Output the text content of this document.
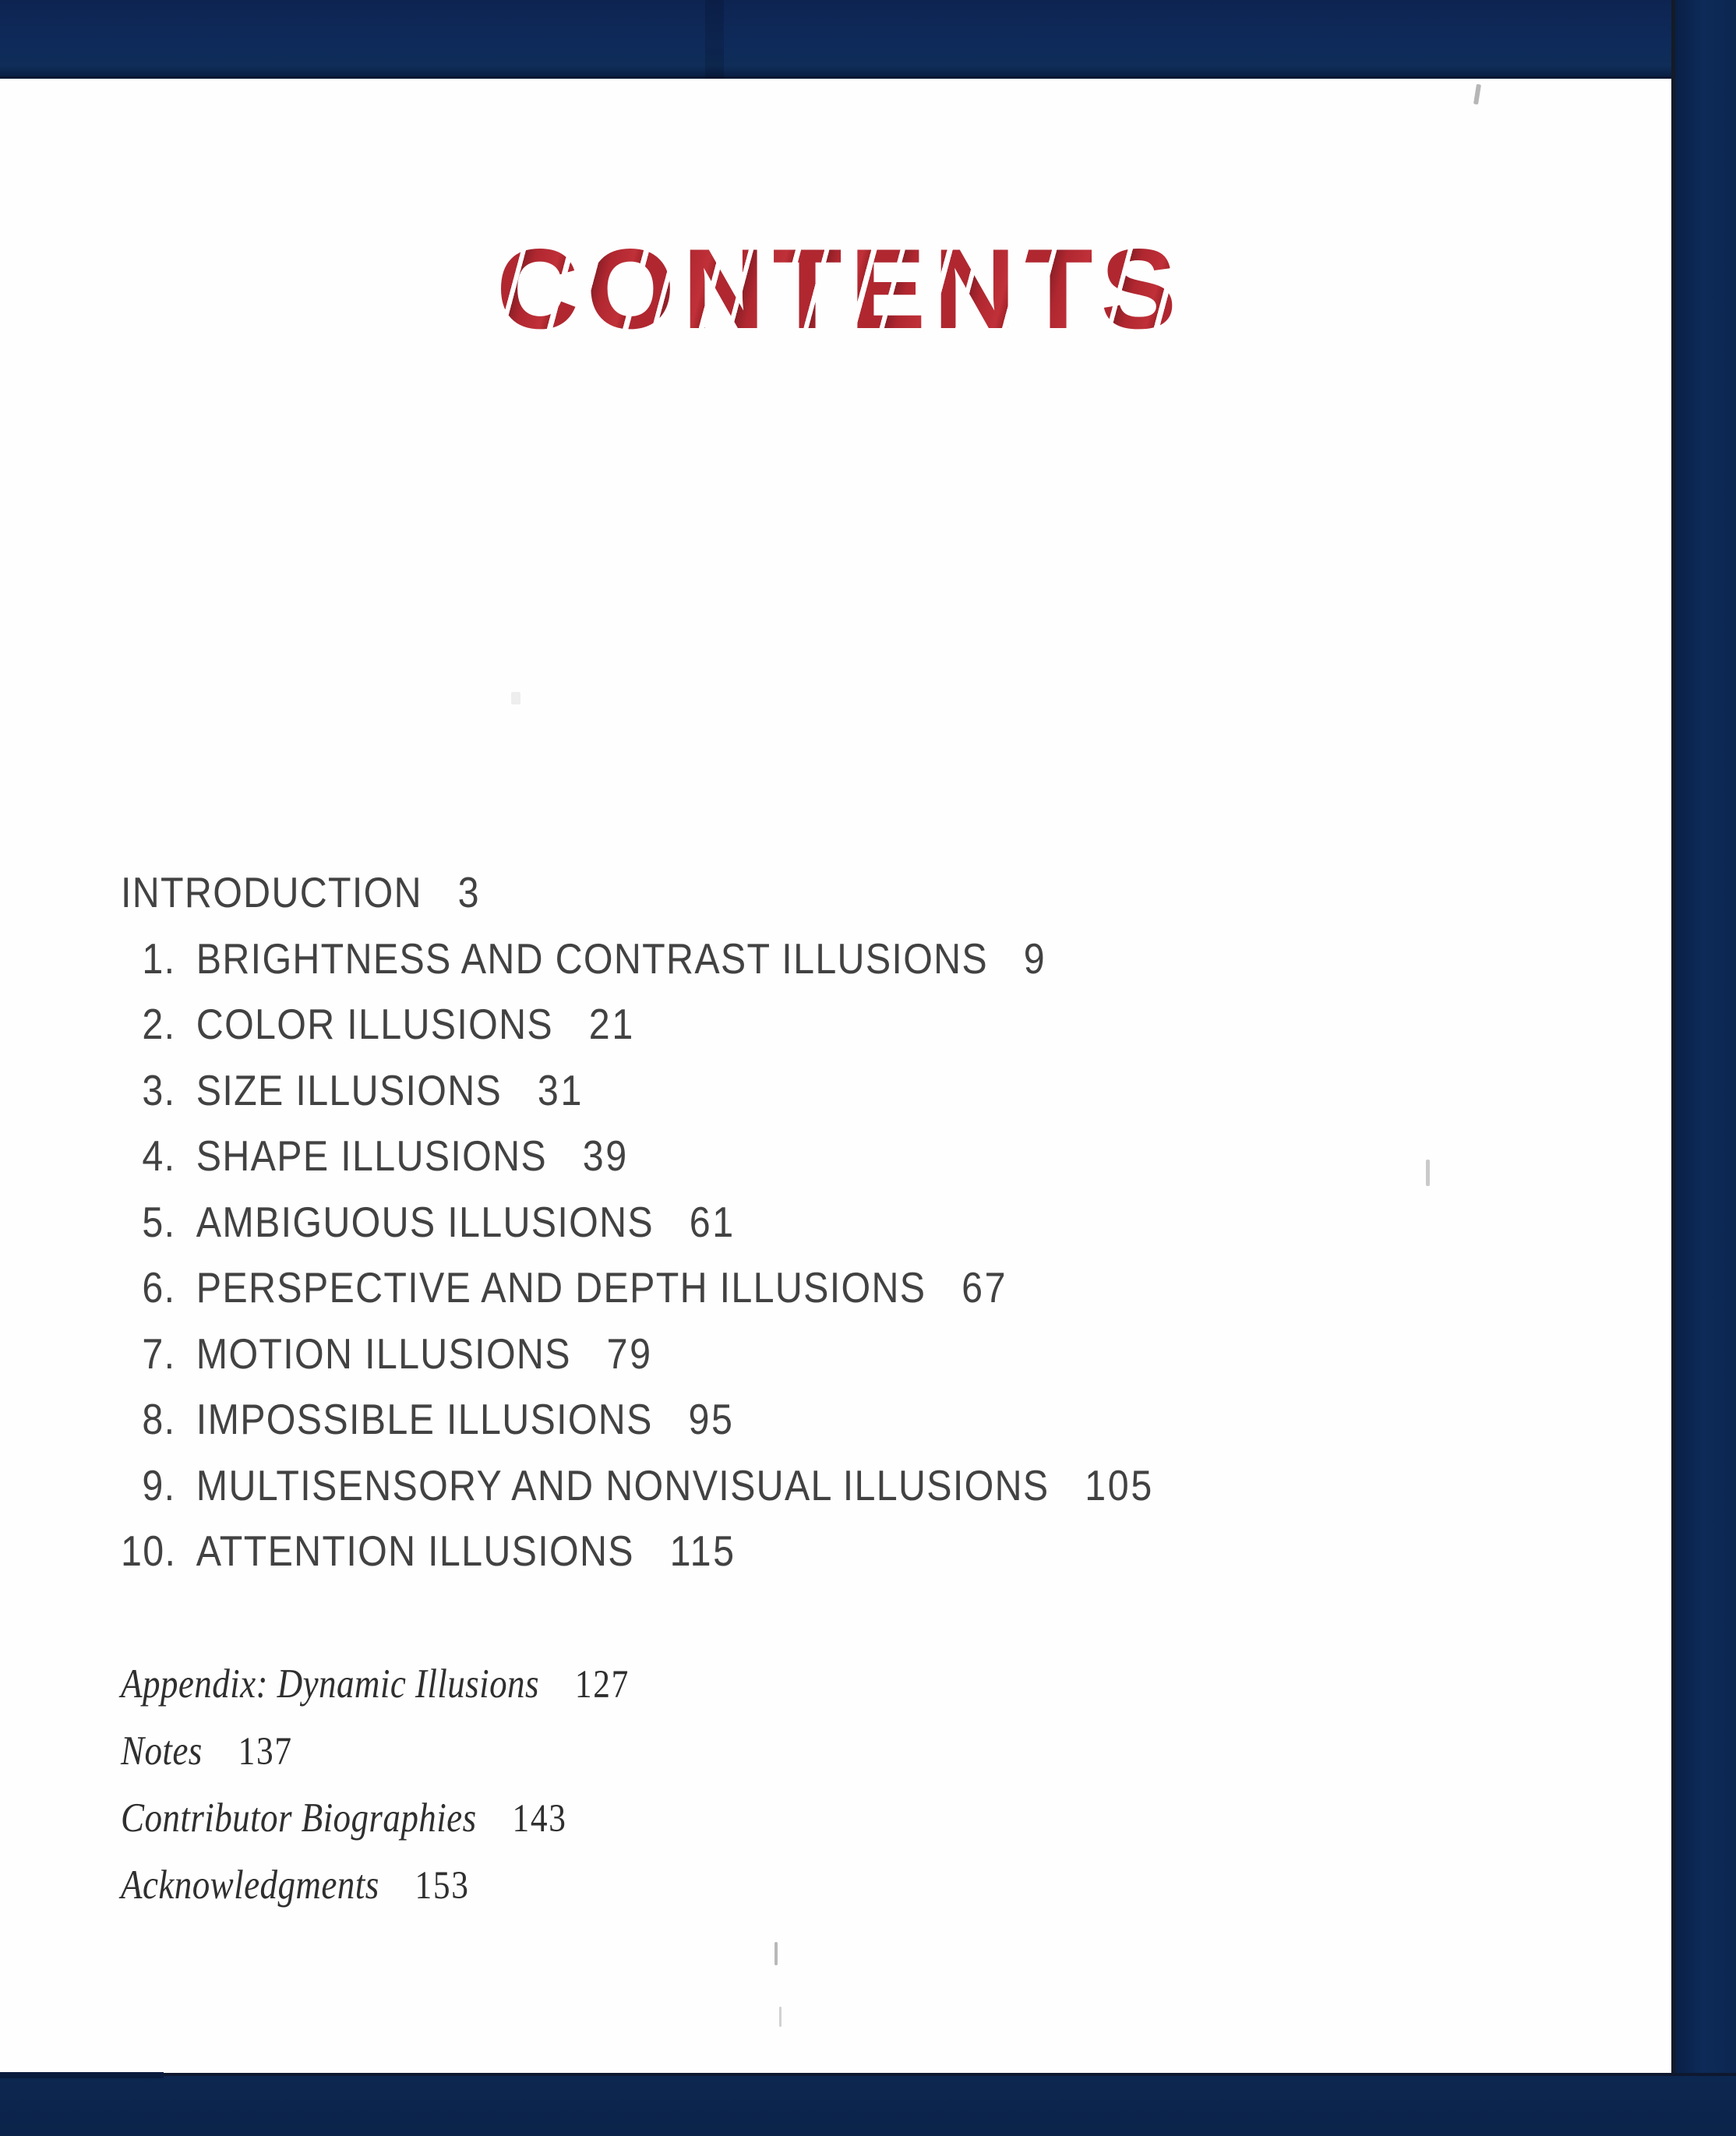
CONTENTS
INTRODUCTION 3
1. BRIGHTNESS AND CONTRAST ILLUSIONS 9
2. COLOR ILLUSIONS 21
3. SIZE ILLUSIONS 31
4. SHAPE ILLUSIONS 39
5. AMBIGUOUS ILLUSIONS 61
6. PERSPECTIVE AND DEPTH ILLUSIONS 67
7. MOTION ILLUSIONS 79
8. IMPOSSIBLE ILLUSIONS 95
9. MULTISENSORY AND NONVISUAL ILLUSIONS 105
10. ATTENTION ILLUSIONS 115
Appendix: Dynamic Illusions 127
Notes 137
Contributor Biographies 143
Acknowledgments 153
